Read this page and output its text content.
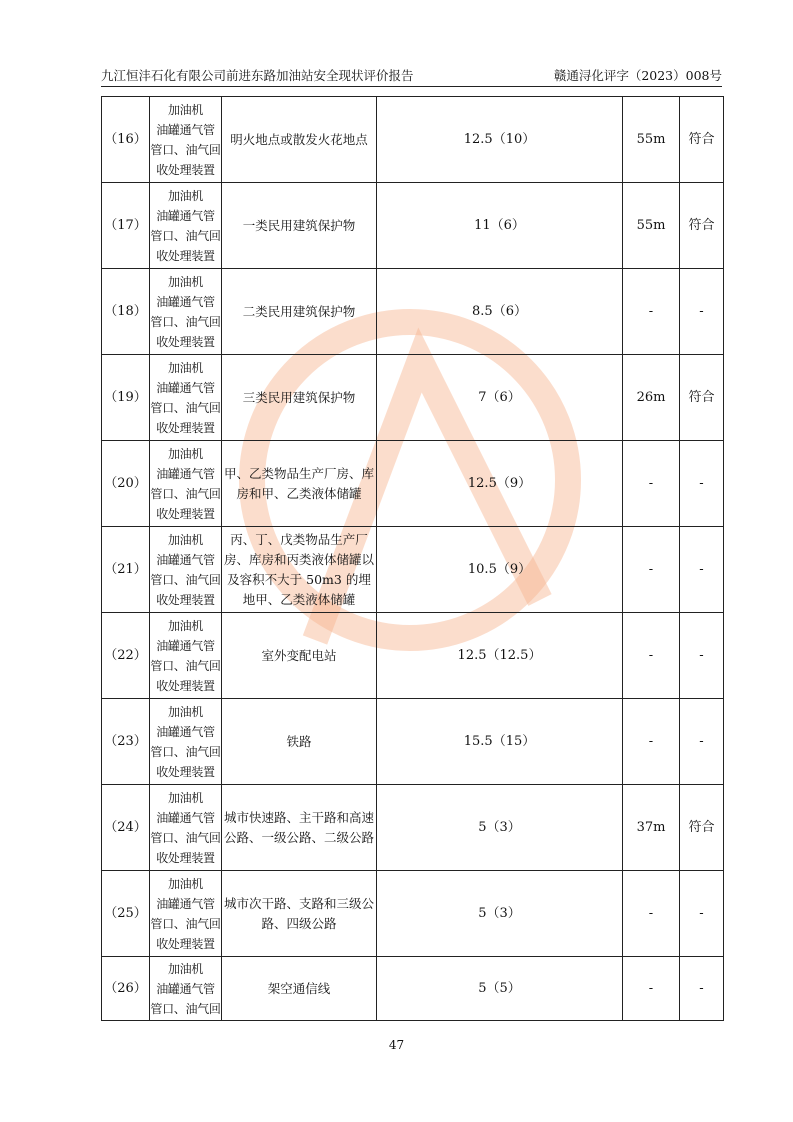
九江恒沣石化有限公司前进东路加油站安全现状评价报告	赣通浔化评字（2023）008号
（16）	加油机
油罐通气管
管口、油气回
收处理装置	明火地点或散发火花地点	12.5（10）	55m	符合
（17）	加油机
油罐通气管
管口、油气回
收处理装置	一类民用建筑保护物	11（6）	55m	符合
（18）	加油机
油罐通气管
管口、油气回
收处理装置	二类民用建筑保护物	8.5（6）	-	-
（19）	加油机
油罐通气管
管口、油气回
收处理装置	三类民用建筑保护物	7（6）	26m	符合
（20）	加油机
油罐通气管
管口、油气回
收处理装置	甲、乙类物品生产厂房、库房和甲、乙类液体储罐	12.5（9）	-	-
（21）	加油机
油罐通气管
管口、油气回
收处理装置	丙、丁、戊类物品生产厂房、库房和丙类液体储罐以及容积不大于 50m3 的埋地甲、乙类液体储罐	10.5（9）	-	-
（22）	加油机
油罐通气管
管口、油气回
收处理装置	室外变配电站	12.5（12.5）	-	-
（23）	加油机
油罐通气管
管口、油气回
收处理装置	铁路	15.5（15）	-	-
（24）	加油机
油罐通气管
管口、油气回
收处理装置	城市快速路、主干路和高速公路、一级公路、二级公路	5（3）	37m	符合
（25）	加油机
油罐通气管
管口、油气回
收处理装置	城市次干路、支路和三级公路、四级公路	5（3）	-	-
（26）	加油机
油罐通气管
管口、油气回	架空通信线	5（5）	-	-
47
